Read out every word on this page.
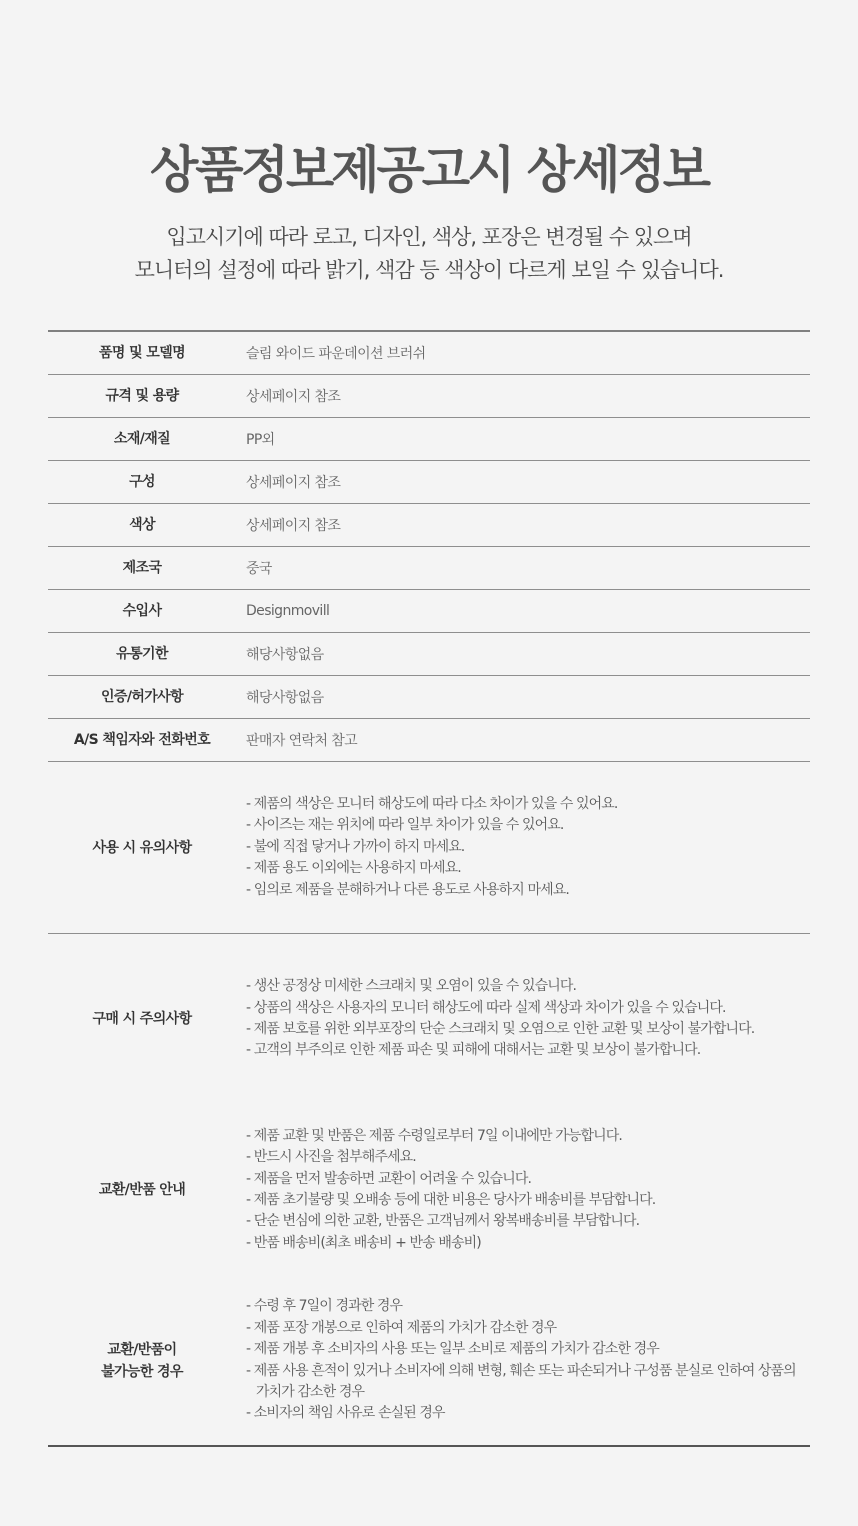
상품정보제공고시 상세정보
입고시기에 따라 로고, 디자인, 색상, 포장은 변경될 수 있으며
모니터의 설정에 따라 밝기, 색감 등 색상이 다르게 보일 수 있습니다.
품명 및 모델명	슬림 와이드 파운데이션 브러쉬
규격 및 용량	상세페이지 참조
소재/재질	PP외
구성	상세페이지 참조
색상	상세페이지 참조
제조국	중국
수입사	Designmovill
유통기한	해당사항없음
인증/허가사항	해당사항없음
A/S 책임자와 전화번호	판매자 연락처 참고
사용 시 유의사항
- 제품의 색상은 모니터 해상도에 따라 다소 차이가 있을 수 있어요.
- 사이즈는 재는 위치에 따라 일부 차이가 있을 수 있어요.
- 불에 직접 닿거나 가까이 하지 마세요.
- 제품 용도 이외에는 사용하지 마세요.
- 임의로 제품을 분해하거나 다른 용도로 사용하지 마세요.
구매 시 주의사항
- 생산 공정상 미세한 스크래치 및 오염이 있을 수 있습니다.
- 상품의 색상은 사용자의 모니터 해상도에 따라 실제 색상과 차이가 있을 수 있습니다.
- 제품 보호를 위한 외부포장의 단순 스크래치 및 오염으로 인한 교환 및 보상이 불가합니다.
- 고객의 부주의로 인한 제품 파손 및 피해에 대해서는 교환 및 보상이 불가합니다.
교환/반품 안내
- 제품 교환 및 반품은 제품 수령일로부터 7일 이내에만 가능합니다.
- 반드시 사진을 첨부해주세요.
- 제품을 먼저 발송하면 교환이 어려울 수 있습니다.
- 제품 초기불량 및 오배송 등에 대한 비용은 당사가 배송비를 부담합니다.
- 단순 변심에 의한 교환, 반품은 고객님께서 왕복배송비를 부담합니다.
- 반품 배송비(최초 배송비 + 반송 배송비)
교환/반품이
불가능한 경우
- 수령 후 7일이 경과한 경우
- 제품 포장 개봉으로 인하여 제품의 가치가 감소한 경우
- 제품 개봉 후 소비자의 사용 또는 일부 소비로 제품의 가치가 감소한 경우
- 제품 사용 흔적이 있거나 소비자에 의해 변형, 훼손 또는 파손되거나 구성품 분실로 인하여 상품의 가치가 감소한 경우
- 소비자의 책임 사유로 손실된 경우
